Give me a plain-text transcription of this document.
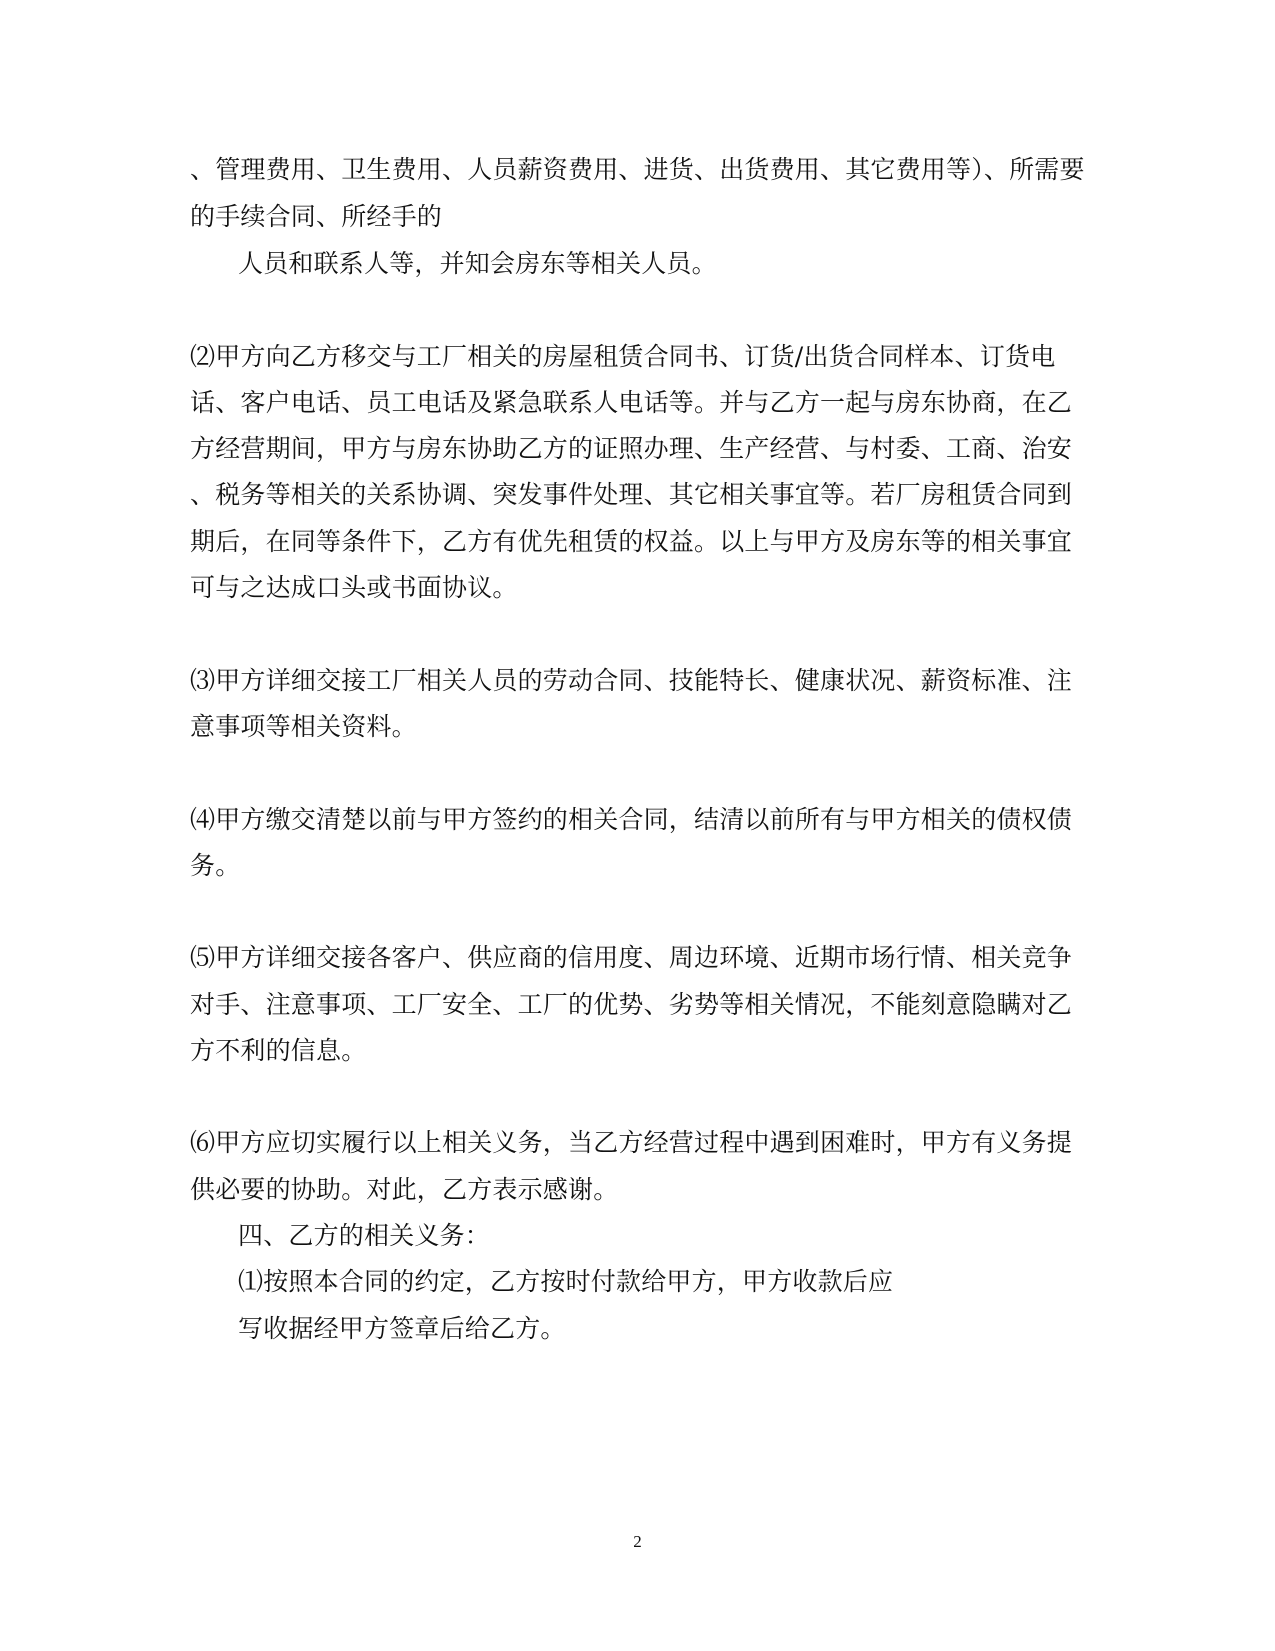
、管理费用、卫生费用、人员薪资费用、进货、出货费用、其它费用等）、所需要
的手续合同、所经手的
人员和联系人等，并知会房东等相关人员。
⑵甲方向乙方移交与工厂相关的房屋租赁合同书、订货/出货合同样本、订货电
话、客户电话、员工电话及紧急联系人电话等。并与乙方一起与房东协商，在乙
方经营期间，甲方与房东协助乙方的证照办理、生产经营、与村委、工商、治安
、税务等相关的关系协调、突发事件处理、其它相关事宜等。若厂房租赁合同到
期后，在同等条件下，乙方有优先租赁的权益。以上与甲方及房东等的相关事宜
可与之达成口头或书面协议。
⑶甲方详细交接工厂相关人员的劳动合同、技能特长、健康状况、薪资标准、注
意事项等相关资料。
⑷甲方缴交清楚以前与甲方签约的相关合同，结清以前所有与甲方相关的债权债
务。
⑸甲方详细交接各客户、供应商的信用度、周边环境、近期市场行情、相关竞争
对手、注意事项、工厂安全、工厂的优势、劣势等相关情况，不能刻意隐瞒对乙
方不利的信息。
⑹甲方应切实履行以上相关义务，当乙方经营过程中遇到困难时，甲方有义务提
供必要的协助。对此，乙方表示感谢。
四、乙方的相关义务：
⑴按照本合同的约定，乙方按时付款给甲方，甲方收款后应
写收据经甲方签章后给乙方。
2
